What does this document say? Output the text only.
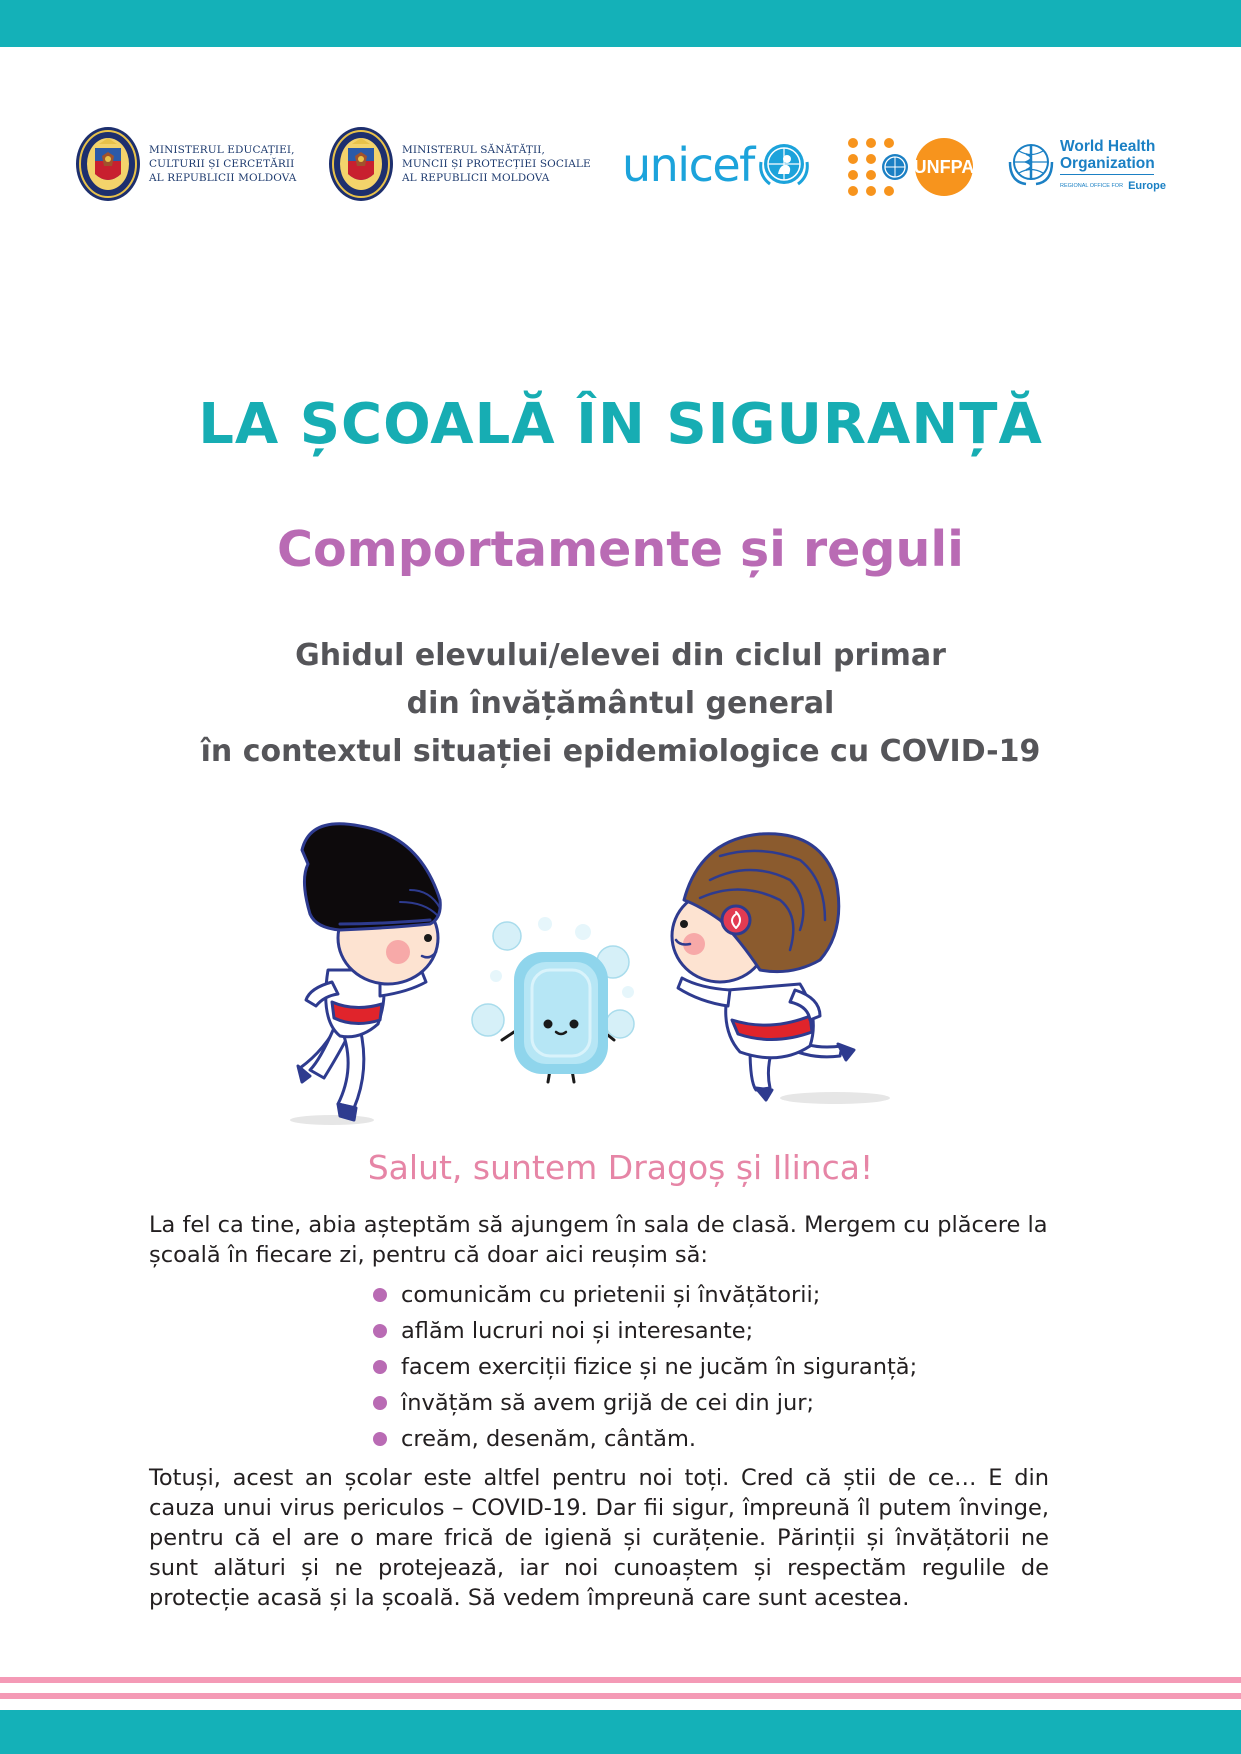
MINISTERUL EDUCAȚIEI,
CULTURII ȘI CERCETĂRII
AL REPUBLICII MOLDOVA
MINISTERUL SĂNĂTĂȚII,
MUNCII ȘI PROTECȚIEI SOCIALE
AL REPUBLICII MOLDOVA	unicef	UNFPA
World Health
Organization
REGIONAL OFFICE FOR Europe
LA ȘCOALĂ ÎN SIGURANȚĂ
Comportamente și reguli
Ghidul elevului/elevei din ciclul primar
din învățământul general
în contextul situației epidemiologice cu COVID-19
Salut, suntem Dragoș și Ilinca!
La fel ca tine, abia așteptăm să ajungem în sala de clasă. Mergem cu plăcere la școală în fiecare zi, pentru că doar aici reușim să:
comunicăm cu prietenii și învățătorii;
aflăm lucruri noi și interesante;
facem exerciții fizice și ne jucăm în siguranță;
învățăm să avem grijă de cei din jur;
creăm, desenăm, cântăm.
Totuși, acest an școlar este altfel pentru noi toți. Cred că știi de ce… E din cauza unui virus periculos – COVID-19. Dar fii sigur, împreună îl putem învinge, pentru că el are o mare frică de igienă și curățenie. Părinții și învățătorii ne sunt alături și ne protejează, iar noi cunoaștem și respectăm regulile de protecție acasă și la școală. Să vedem împreună care sunt acestea.
